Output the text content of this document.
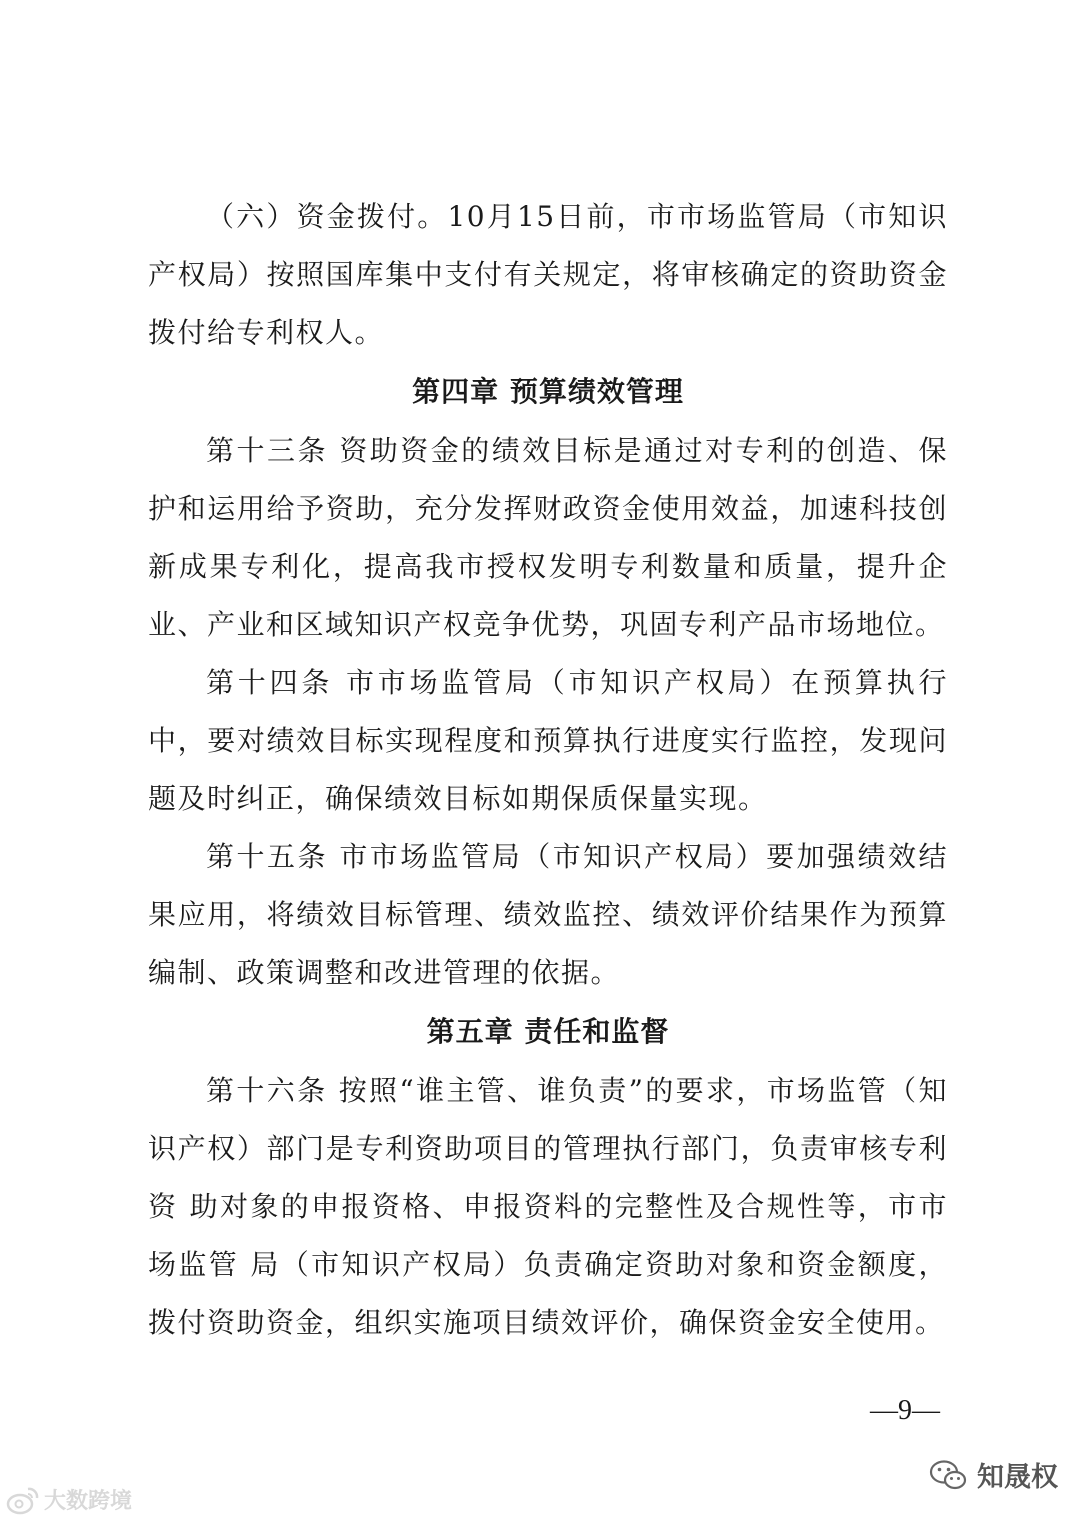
（六）资金拨付。10月15日前，市市场监管局（市知识产权局）按照国库集中支付有关规定，将审核确定的资助资金拨付给专利权人。

第四章 预算绩效管理

第十三条 资助资金的绩效目标是通过对专利的创造、保护和运用给予资助，充分发挥财政资金使用效益，加速科技创新成果专利化，提高我市授权发明专利数量和质量，提升企业、产业和区域知识产权竞争优势，巩固专利产品市场地位。

第十四条 市市场监管局（市知识产权局）在预算执行中，要对绩效目标实现程度和预算执行进度实行监控，发现问题及时纠正，确保绩效目标如期保质保量实现。

第十五条 市市场监管局（市知识产权局）要加强绩效结果应用，将绩效目标管理、绩效监控、绩效评价结果作为预算编制、政策调整和改进管理的依据。

第五章 责任和监督

第十六条 按照“谁主管、谁负责”的要求，市场监管（知识产权）部门是专利资助项目的管理执行部门，负责审核专利资 助对象的申报资格、申报资料的完整性及合规性等，市市场监管 局（市知识产权局）负责确定资助对象和资金额度，拨付资助资金，组织实施项目绩效评价，确保资金安全使用。

—9—
大数跨境
知晟权
